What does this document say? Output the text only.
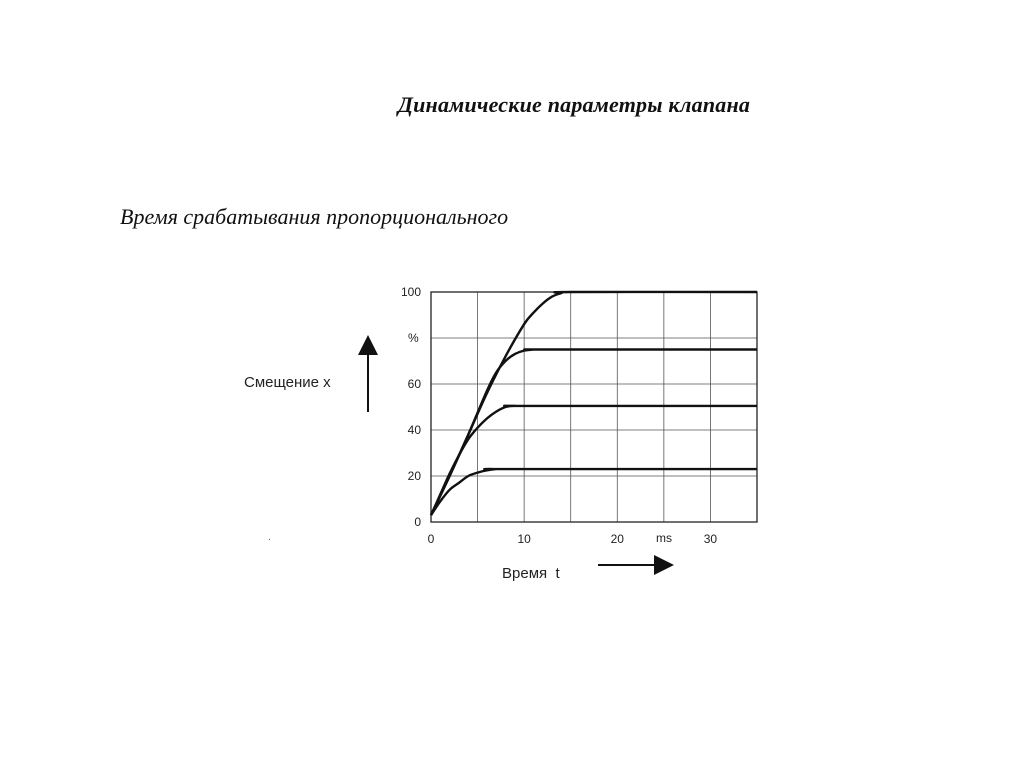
Динамические параметры клапана
Время срабатывания пропорционального
0	10	20	30
0
20
40
60
100
%
ms
Смещение x
Время  t
.
